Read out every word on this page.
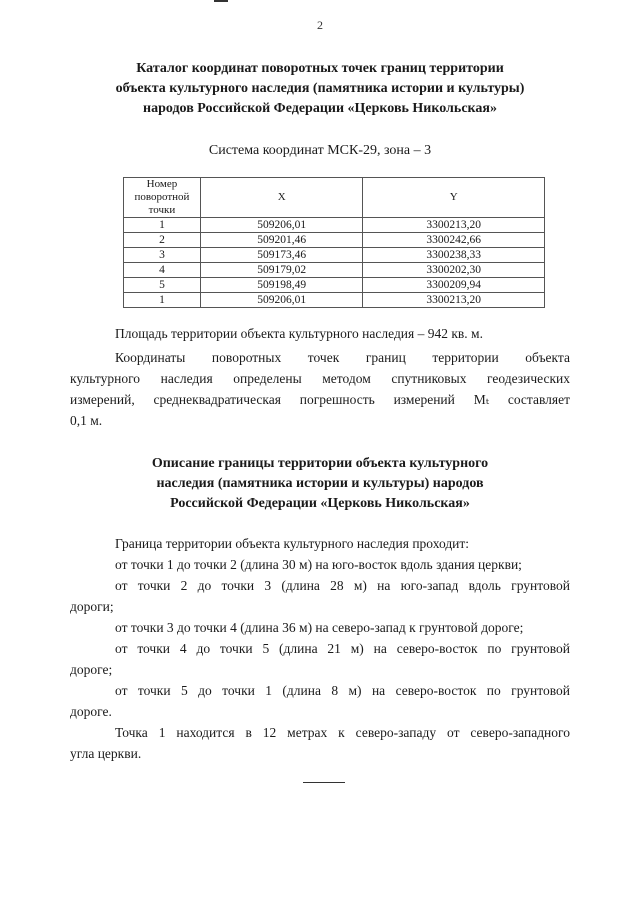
2
Каталог координат поворотных точек границ территории
объекта культурного наследия (памятника истории и культуры)
народов Российской Федерации «Церковь Никольская»
Система координат МСК-29, зона – 3
Номер поворотной точки	X	Y
1	509206,01	3300213,20
2	509201,46	3300242,66
3	509173,46	3300238,33
4	509179,02	3300202,30
5	509198,49	3300209,94
1	509206,01	3300213,20
Площадь территории объекта культурного наследия – 942 кв. м.
Координаты поворотных точек границ территории объекта
культурного наследия определены методом спутниковых геодезических
измерений, среднеквадратическая погрешность измерений Mₜ составляет
0,1 м.
Описание границы территории объекта культурного
наследия (памятника истории и культуры) народов
Российской Федерации «Церковь Никольская»
Граница территории объекта культурного наследия проходит:
от точки 1 до точки 2 (длина 30 м) на юго-восток вдоль здания церкви;
от точки 2 до точки 3 (длина 28 м) на юго-запад вдоль грунтовой
дороги;
от точки 3 до точки 4 (длина 36 м) на северо-запад к грунтовой дороге;
от точки 4 до точки 5 (длина 21 м) на северо-восток по грунтовой
дороге;
от точки 5 до точки 1 (длина 8 м) на северо-восток по грунтовой
дороге.
Точка 1 находится в 12 метрах к северо-западу от северо-западного
угла церкви.
